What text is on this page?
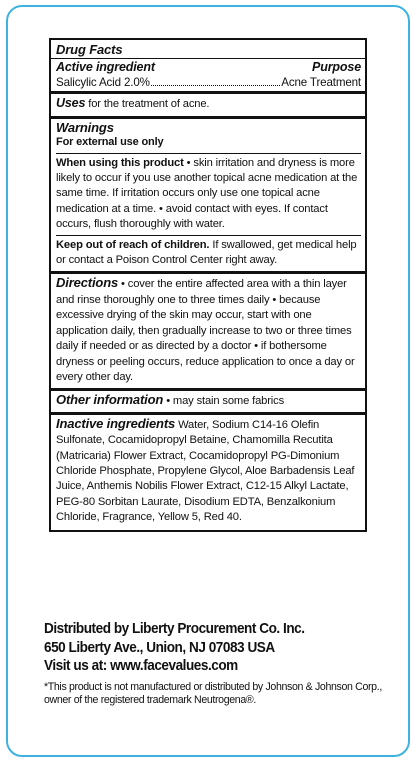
Drug Facts
Active ingredient	Purpose
Salicylic Acid 2.0%	Acne Treatment

Uses for the treatment of acne.

Warnings

For external use only

When using this product • skin irritation and dryness is more likely to occur if you use another topical acne medication at the same time. If irritation occurs only use one topical acne medication at a time. • avoid contact with eyes. If contact occurs, flush thoroughly with water.

Keep out of reach of children. If swallowed, get medical help or contact a Poison Control Center right away.

Directions • cover the entire affected area with a thin layer and rinse thoroughly one to three times daily • because excessive drying of the skin may occur, start with one application daily, then gradually increase to two or three times daily if needed or as directed by a doctor • if bothersome dryness or peeling occurs, reduce application to once a day or every other day.

Other information • may stain some fabrics

Inactive ingredients Water, Sodium C14-16 Olefin Sulfonate, Cocamidopropyl Betaine, Chamomilla Recutita (Matricaria) Flower Extract, Cocamidopropyl PG-Dimonium Chloride Phosphate, Propylene Glycol, Aloe Barbadensis Leaf Juice, Anthemis Nobilis Flower Extract, C12-15 Alkyl Lactate, PEG-80 Sorbitan Laurate, Disodium EDTA, Benzalkonium Chloride, Fragrance, Yellow 5, Red 40.

Distributed by Liberty Procurement Co. Inc.

650 Liberty Ave., Union, NJ 07083 USA

Visit us at: www.facevalues.com

*This product is not manufactured or distributed by Johnson & Johnson Corp., owner of the registered trademark Neutrogena®.
